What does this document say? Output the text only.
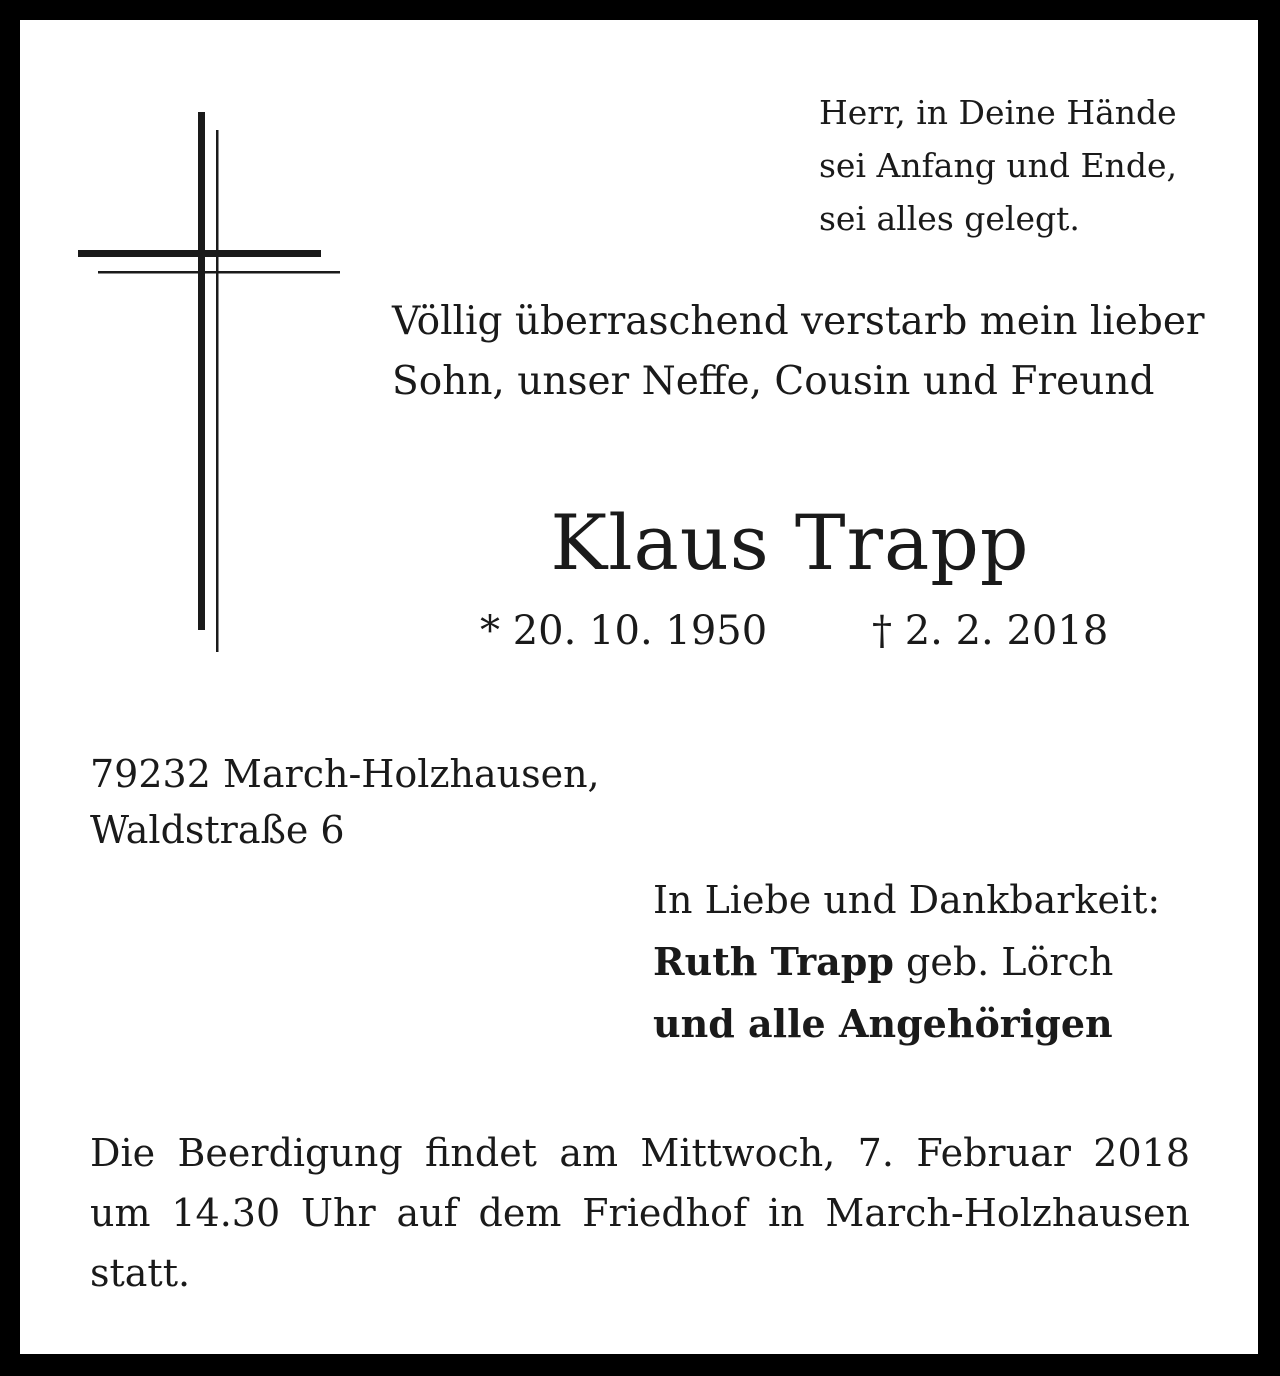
Herr, in Deine Hände
sei Anfang und Ende,
sei alles gelegt.
Völlig überraschend verstarb mein lieber
Sohn, unser Neffe, Cousin und Freund
Klaus Trapp
* 20. 10. 1950	† 2. 2. 2018
79232 March-Holzhausen,
Waldstraße 6
In Liebe und Dankbarkeit:
Ruth Trapp geb. Lörch
und alle Angehörigen
Die Beerdigung findet am Mittwoch, 7. Februar 2018 um 14.30 Uhr auf dem Friedhof in March-Holzhausen statt.
